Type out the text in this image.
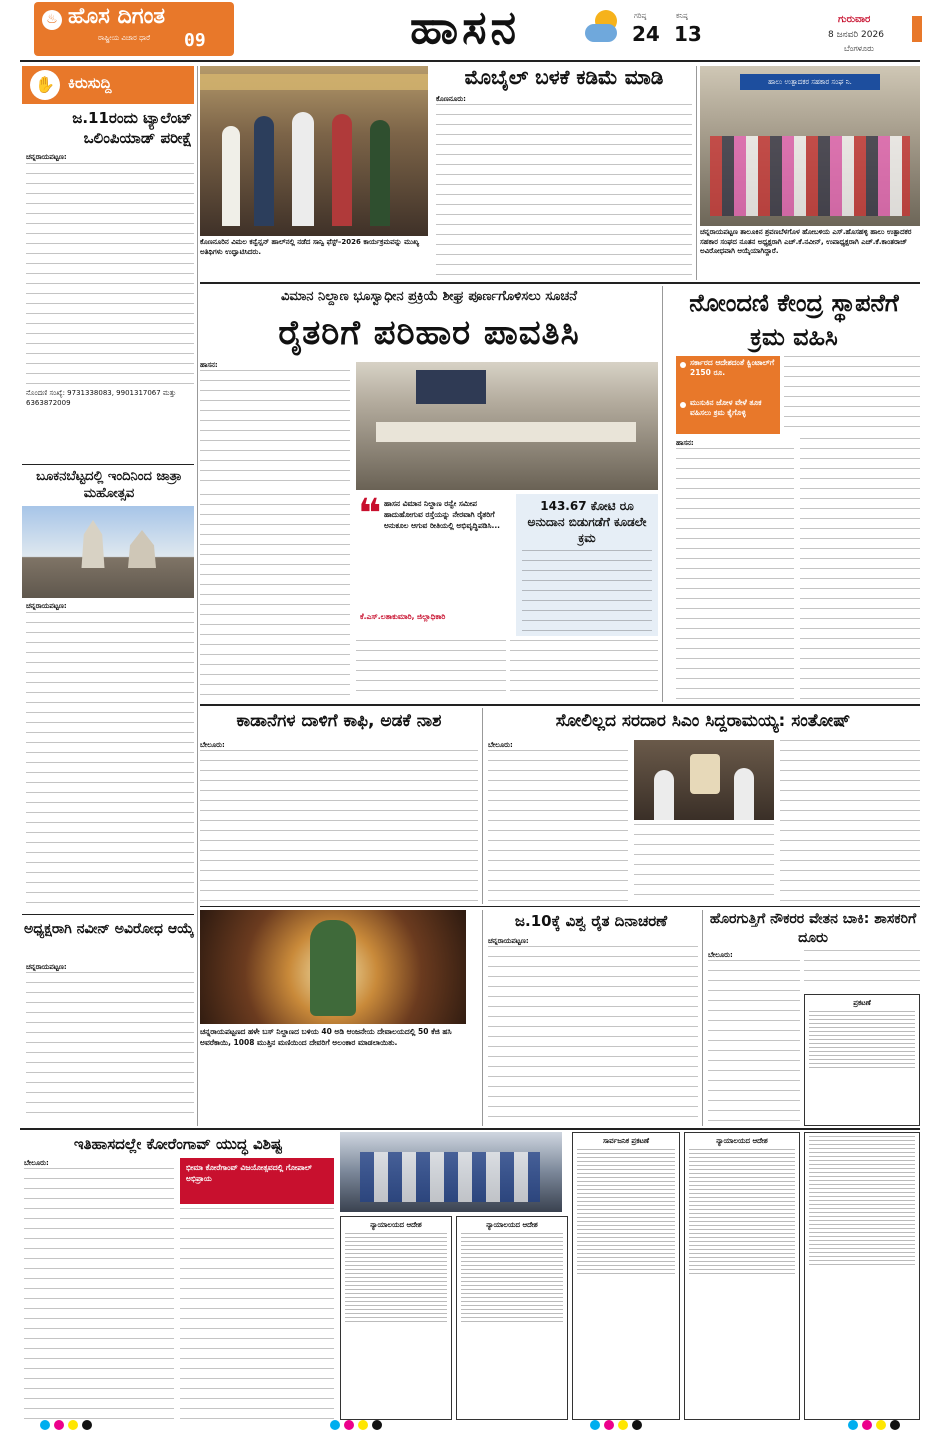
♨ ಹೊಸ ದಿಗಂತ
ರಾಷ್ಟ್ರೀಯ ವಿಚಾರ ಧಾರೆ 09	ಹಾಸನ	ಗರಿಷ್ಠ
24
ಕನಿಷ್ಠ
13
ಗುರುವಾರ
8 ಜನವರಿ 2026
ಬೆಂಗಳೂರು
✋ ಕಿರುಸುದ್ದಿ
ಜ.11ರಂದು ಟ್ಯಾಲೆಂಟ್ ಒಲಿಂಪಿಯಾಡ್ ಪರೀಕ್ಷೆ
ಚನ್ನರಾಯಪಟ್ಟಣ:
ನೊಂದಣಿ ಸಂಖ್ಯೆ: 9731338083, 9901317067 ಮತ್ತು 6363872009
ಬೂಕನಬೆಟ್ಟದಲ್ಲಿ ಇಂದಿನಿಂದ ಜಾತ್ರಾ ಮಹೋತ್ಸವ
ಚನ್ನರಾಯಪಟ್ಟಣ:
ಅಧ್ಯಕ್ಷರಾಗಿ ನವೀನ್ ಅವಿರೋಧ ಆಯ್ಕೆ
ಚನ್ನರಾಯಪಟ್ಟಣ:
ಕೊಣನೂರಿನ ವಿಮಲ ಕನ್ವೆನ್ಷನ್ ಹಾಲ್‌ನಲ್ಲಿ ನಡೆದ ಸಾನ್ವಿ ಫೆಸ್ಟ್–2026 ಕಾರ್ಯಕ್ರಮವನ್ನು ಮುಖ್ಯ ಅತಿಥಿಗಳು ಉದ್ಘಾಟಿಸಿದರು.
ಮೊಬೈಲ್ ಬಳಕೆ ಕಡಿಮೆ ಮಾಡಿ
ಕೊಣನೂರು:
ಹಾಲು ಉತ್ಪಾದಕರ ಸಹಕಾರ ಸಂಘ ನಿ.
ಚನ್ನರಾಯಪಟ್ಟಣ ತಾಲೂಕಿನ ಶ್ರವಣಬೆಳಗೊಳ ಹೋಬಳಿಯ ಎಸ್.ಹೊಸಹಳ್ಳಿ ಹಾಲು ಉತ್ಪಾದಕರ ಸಹಕಾರ ಸಂಘದ ನೂತನ ಅಧ್ಯಕ್ಷರಾಗಿ ಎಚ್.ಕೆ.ನವೀನ್, ಉಪಾಧ್ಯಕ್ಷರಾಗಿ ಎಚ್.ಕೆ.ಕಾಂತರಾಜ್ ಅವಿರೋಧವಾಗಿ ಆಯ್ಕೆಯಾಗಿದ್ದಾರೆ.
ವಿಮಾನ ನಿಲ್ದಾಣ ಭೂಸ್ವಾಧೀನ ಪ್ರಕ್ರಿಯೆ ಶೀಘ್ರ ಪೂರ್ಣಗೊಳಿಸಲು ಸೂಚನೆ
ರೈತರಿಗೆ ಪರಿಹಾರ ಪಾವತಿಸಿ
ಹಾಸನ:
❝ ಹಾಸನ ವಿಮಾನ ನಿಲ್ದಾಣ ರನ್ವೇ ಸಮೀಪ ಹಾದುಹೋಗುವ ರಸ್ತೆಯನ್ನು ನೇರವಾಗಿ ರೈತರಿಗೆ ಅನುಕೂಲ ಆಗುವ ರೀತಿಯಲ್ಲಿ ಅಭಿವೃದ್ಧಿಪಡಿಸಿ...
ಕೆ.ಎಸ್.ಲತಾಕುಮಾರಿ, ಜಿಲ್ಲಾಧಿಕಾರಿ
143.67 ಕೋಟಿ ರೂ ಅನುದಾನ ಬಿಡುಗಡೆಗೆ ಕೂಡಲೇ ಕ್ರಮ
ನೋಂದಣಿ ಕೇಂದ್ರ ಸ್ಥಾಪನೆಗೆ ಕ್ರಮ ವಹಿಸಿ
ಸರ್ಕಾರದ ಆದೇಶದಂತೆ ಕ್ವಿಂಟಾಲ್‌ಗೆ 2150 ರೂ.
ಮುಸುಕಿನ ಜೋಳ ವೇಳೆ ತೂಕ ವಹಿಸಲು ಕ್ರಮ ಕೈಗೊಳ್ಳಿ
ಹಾಸನ:
ಕಾಡಾನೆಗಳ ದಾಳಿಗೆ ಕಾಫಿ, ಅಡಕೆ ನಾಶ
ಬೇಲೂರು:
ಸೋಲಿಲ್ಲದ ಸರದಾರ ಸಿಎಂ ಸಿದ್ದರಾಮಯ್ಯ: ಸಂತೋಷ್
ಬೇಲೂರು:
ಚನ್ನರಾಯಪಟ್ಟಣದ ಹಳೇ ಬಸ್ ನಿಲ್ದಾಣದ ಬಳಿಯ 40 ಅಡಿ ಆಂಜನೇಯ ದೇವಾಲಯದಲ್ಲಿ 50 ಕೆಜಿ ಹಸಿ ಅವರೆಕಾಯಿ, 1008 ಮುತ್ತಿನ ಮಣಿಯಿಂದ ದೇವರಿಗೆ ಅಲಂಕಾರ ಮಾಡಲಾಯಿತು.
ಜ.10ಕ್ಕೆ ವಿಶ್ವ ರೈತ ದಿನಾಚರಣೆ
ಚನ್ನರಾಯಪಟ್ಟಣ:
ಹೊರಗುತ್ತಿಗೆ ನೌಕರರ ವೇತನ ಬಾಕಿ: ಶಾಸಕರಿಗೆ ದೂರು
ಬೇಲೂರು:
ಪ್ರಕಟಣೆ
ಇತಿಹಾಸದಲ್ಲೇ ಕೋರೆಂಗಾವ್ ಯುದ್ಧ ವಿಶಿಷ್ಟ
ಬೇಲೂರು:	ಭೀಮಾ ಕೋರೆಗಾಂವ್ ವಿಜಯೋತ್ಸವದಲ್ಲಿ ಗೋಪಾಲ್ ಅಭಿಪ್ರಾಯ
ನ್ಯಾಯಾಲಯದ ಆದೇಶ	ನ್ಯಾಯಾಲಯದ ಆದೇಶ
ಸಾರ್ವಜನಿಕ ಪ್ರಕಟಣೆ	ನ್ಯಾಯಾಲಯದ ಆದೇಶ
